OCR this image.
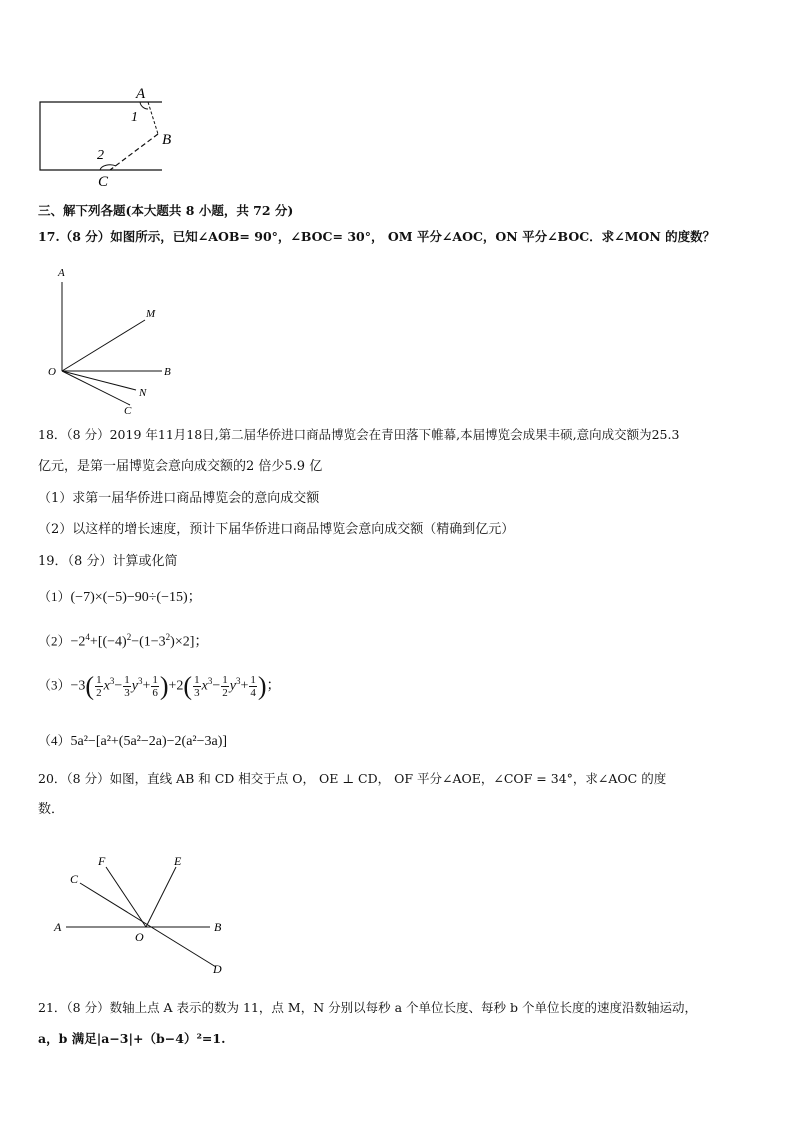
A
1
B
2
C
三、解下列各题(本大题共 8 小题，共 72 分)
17.（8 分）如图所示，已知∠AOB= 90°，∠BOC= 30°， OM 平分∠AOC，ON 平分∠BOC．求∠MON 的度数？
A
M
O	B
N
C
18．（8 分）2019 年11月18日,第二届华侨进口商品博览会在青田落下帷幕,本届博览会成果丰硕,意向成交额为25.3
亿元，是第一届博览会意向成交额的2 倍少5.9 亿
（1）求第一届华侨进口商品博览会的意向成交额
（2）以这样的增长速度，预计下届华侨进口商品博览会意向成交额（精确到亿元）
19．（8 分）计算或化简
（1）(−7)×(−5)−90÷(−15)；
$(2)-2^4+[(-4)^2-(1-3^2)\times 2]$；
$(3)-3( \frac{1}{2} x^3- \frac{1}{3} y^3+ \frac{1}{6} )+2( \frac{1}{3} x^3- \frac{1}{2} y^3+ \frac{1}{4}$ )；
（4）5a²−[a²+(5a²−2a)−2(a²−3a)]
20．（8 分）如图，直线 AB 和 CD 相交于点 O， OE ⊥ CD， OF 平分∠AOE，∠COF = 34°，求∠AOC 的度
数．
F	E
C
A
O
B
D
21．（8 分）数轴上点 A 表示的数为 11，点 M，N 分别以每秒 a 个单位长度、每秒 b 个单位长度的速度沿数轴运动，
a，b 满足|a−3|+（b−4）²=1.
